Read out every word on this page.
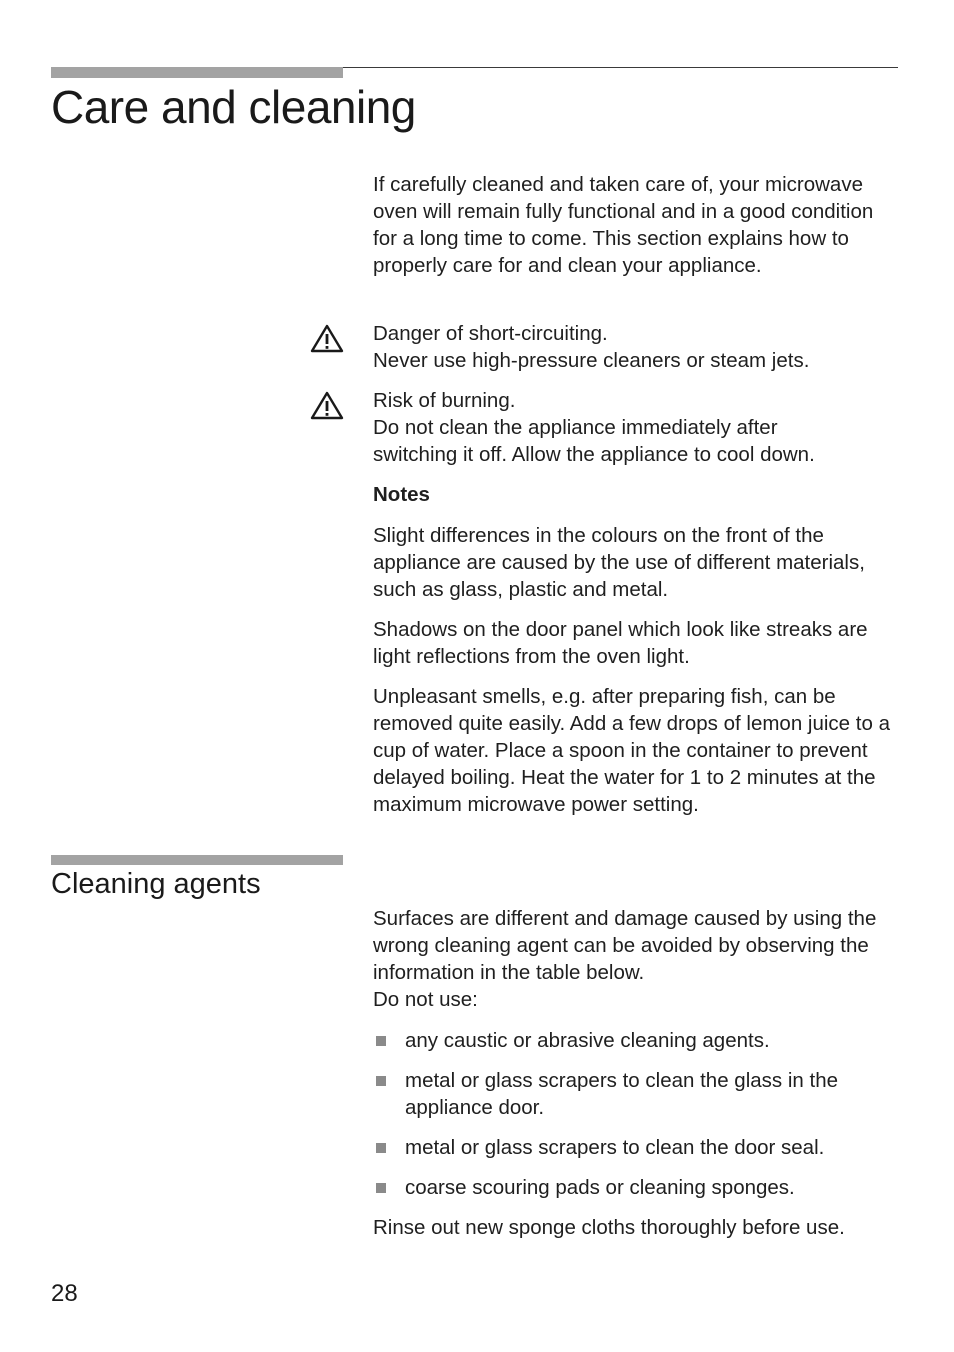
Care and cleaning

If carefully cleaned and taken care of, your microwave oven will remain fully functional and in a good condition for a long time to come. This section explains how to properly care for and clean your appliance.

Danger of short-circuiting.

Never use high-pressure cleaners or steam jets.

Risk of burning.

Do not clean the appliance immediately after switching it off. Allow the appliance to cool down.

Notes

Slight differences in the colours on the front of the appliance are caused by the use of different materials, such as glass, plastic and metal.

Shadows on the door panel which look like streaks are light reflections from the oven light.

Unpleasant smells, e.g. after preparing fish, can be removed quite easily. Add a few drops of lemon juice to a cup of water. Place a spoon in the container to prevent delayed boiling. Heat the water for 1 to 2 minutes at the maximum microwave power setting.

Cleaning agents

Surfaces are different and damage caused by using the wrong cleaning agent can be avoided by observing the information in the table below.

Do not use:

any caustic or abrasive cleaning agents.
metal or glass scrapers to clean the glass in the appliance door.
metal or glass scrapers to clean the door seal.
coarse scouring pads or cleaning sponges.

Rinse out new sponge cloths thoroughly before use.

28
